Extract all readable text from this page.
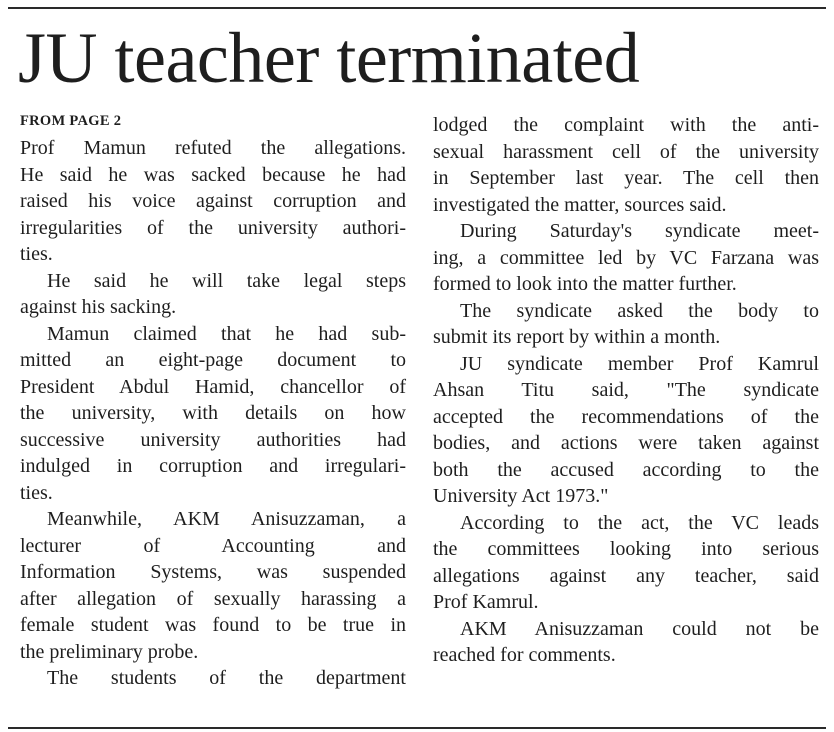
JU teacher terminated
FROM PAGE 2
Prof Mamun refuted the allegations.
He said he was sacked because he had
raised his voice against corruption and
irregularities of the university authori-
ties.
He said he will take legal steps
against his sacking.
Mamun claimed that he had sub-
mitted an eight-page document to
President Abdul Hamid, chancellor of
the university, with details on how
successive university authorities had
indulged in corruption and irregulari-
ties.
Meanwhile, AKM Anisuzzaman, a
lecturer of Accounting and
Information Systems, was suspended
after allegation of sexually harassing a
female student was found to be true in
the preliminary probe.
The students of the department
lodged the complaint with the anti-
sexual harassment cell of the university
in September last year. The cell then
investigated the matter, sources said.
During Saturday's syndicate meet-
ing, a committee led by VC Farzana was
formed to look into the matter further.
The syndicate asked the body to
submit its report by within a month.
JU syndicate member Prof Kamrul
Ahsan Titu said, "The syndicate
accepted the recommendations of the
bodies, and actions were taken against
both the accused according to the
University Act 1973."
According to the act, the VC leads
the committees looking into serious
allegations against any teacher, said
Prof Kamrul.
AKM Anisuzzaman could not be
reached for comments.
